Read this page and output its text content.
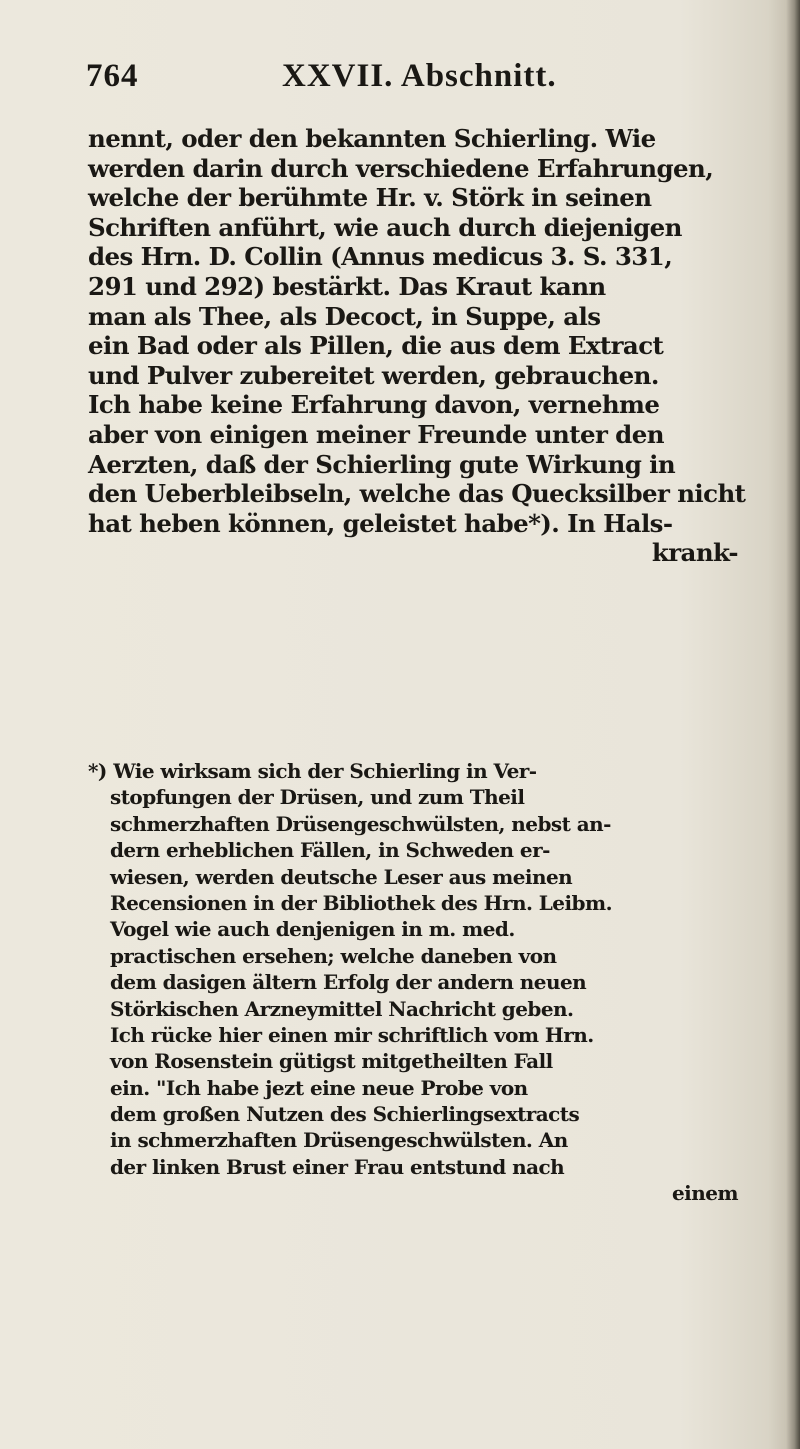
764	XXVII. Abschnitt.
nennt, oder den bekannten Schierling. Wie
werden darin durch verschiedene Erfahrungen,
welche der berühmte Hr. v. Störk in seinen
Schriften anführt, wie auch durch diejenigen
des Hrn. D. Collin (Annus medicus 3. S. 331,
291 und 292) bestärkt. Das Kraut kann
man als Thee, als Decoct, in Suppe, als
ein Bad oder als Pillen, die aus dem Extract
und Pulver zubereitet werden, gebrauchen.
Ich habe keine Erfahrung davon, vernehme
aber von einigen meiner Freunde unter den
Aerzten, daß der Schierling gute Wirkung in
den Ueberbleibseln, welche das Quecksilber nicht
hat heben können, geleistet habe*). In Hals-
krank-
*) Wie wirksam sich der Schierling in Ver-
stopfungen der Drüsen, und zum Theil
schmerzhaften Drüsengeschwülsten, nebst an-
dern erheblichen Fällen, in Schweden er-
wiesen, werden deutsche Leser aus meinen
Recensionen in der Bibliothek des Hrn. Leibm.
Vogel wie auch denjenigen in m. med.
practischen ersehen; welche daneben von
dem dasigen ältern Erfolg der andern neuen
Störkischen Arzneymittel Nachricht geben.
Ich rücke hier einen mir schriftlich vom Hrn.
von Rosenstein gütigst mitgetheilten Fall
ein. "Ich habe jezt eine neue Probe von
dem großen Nutzen des Schierlingsextracts
in schmerzhaften Drüsengeschwülsten. An
der linken Brust einer Frau entstund nach
einem
